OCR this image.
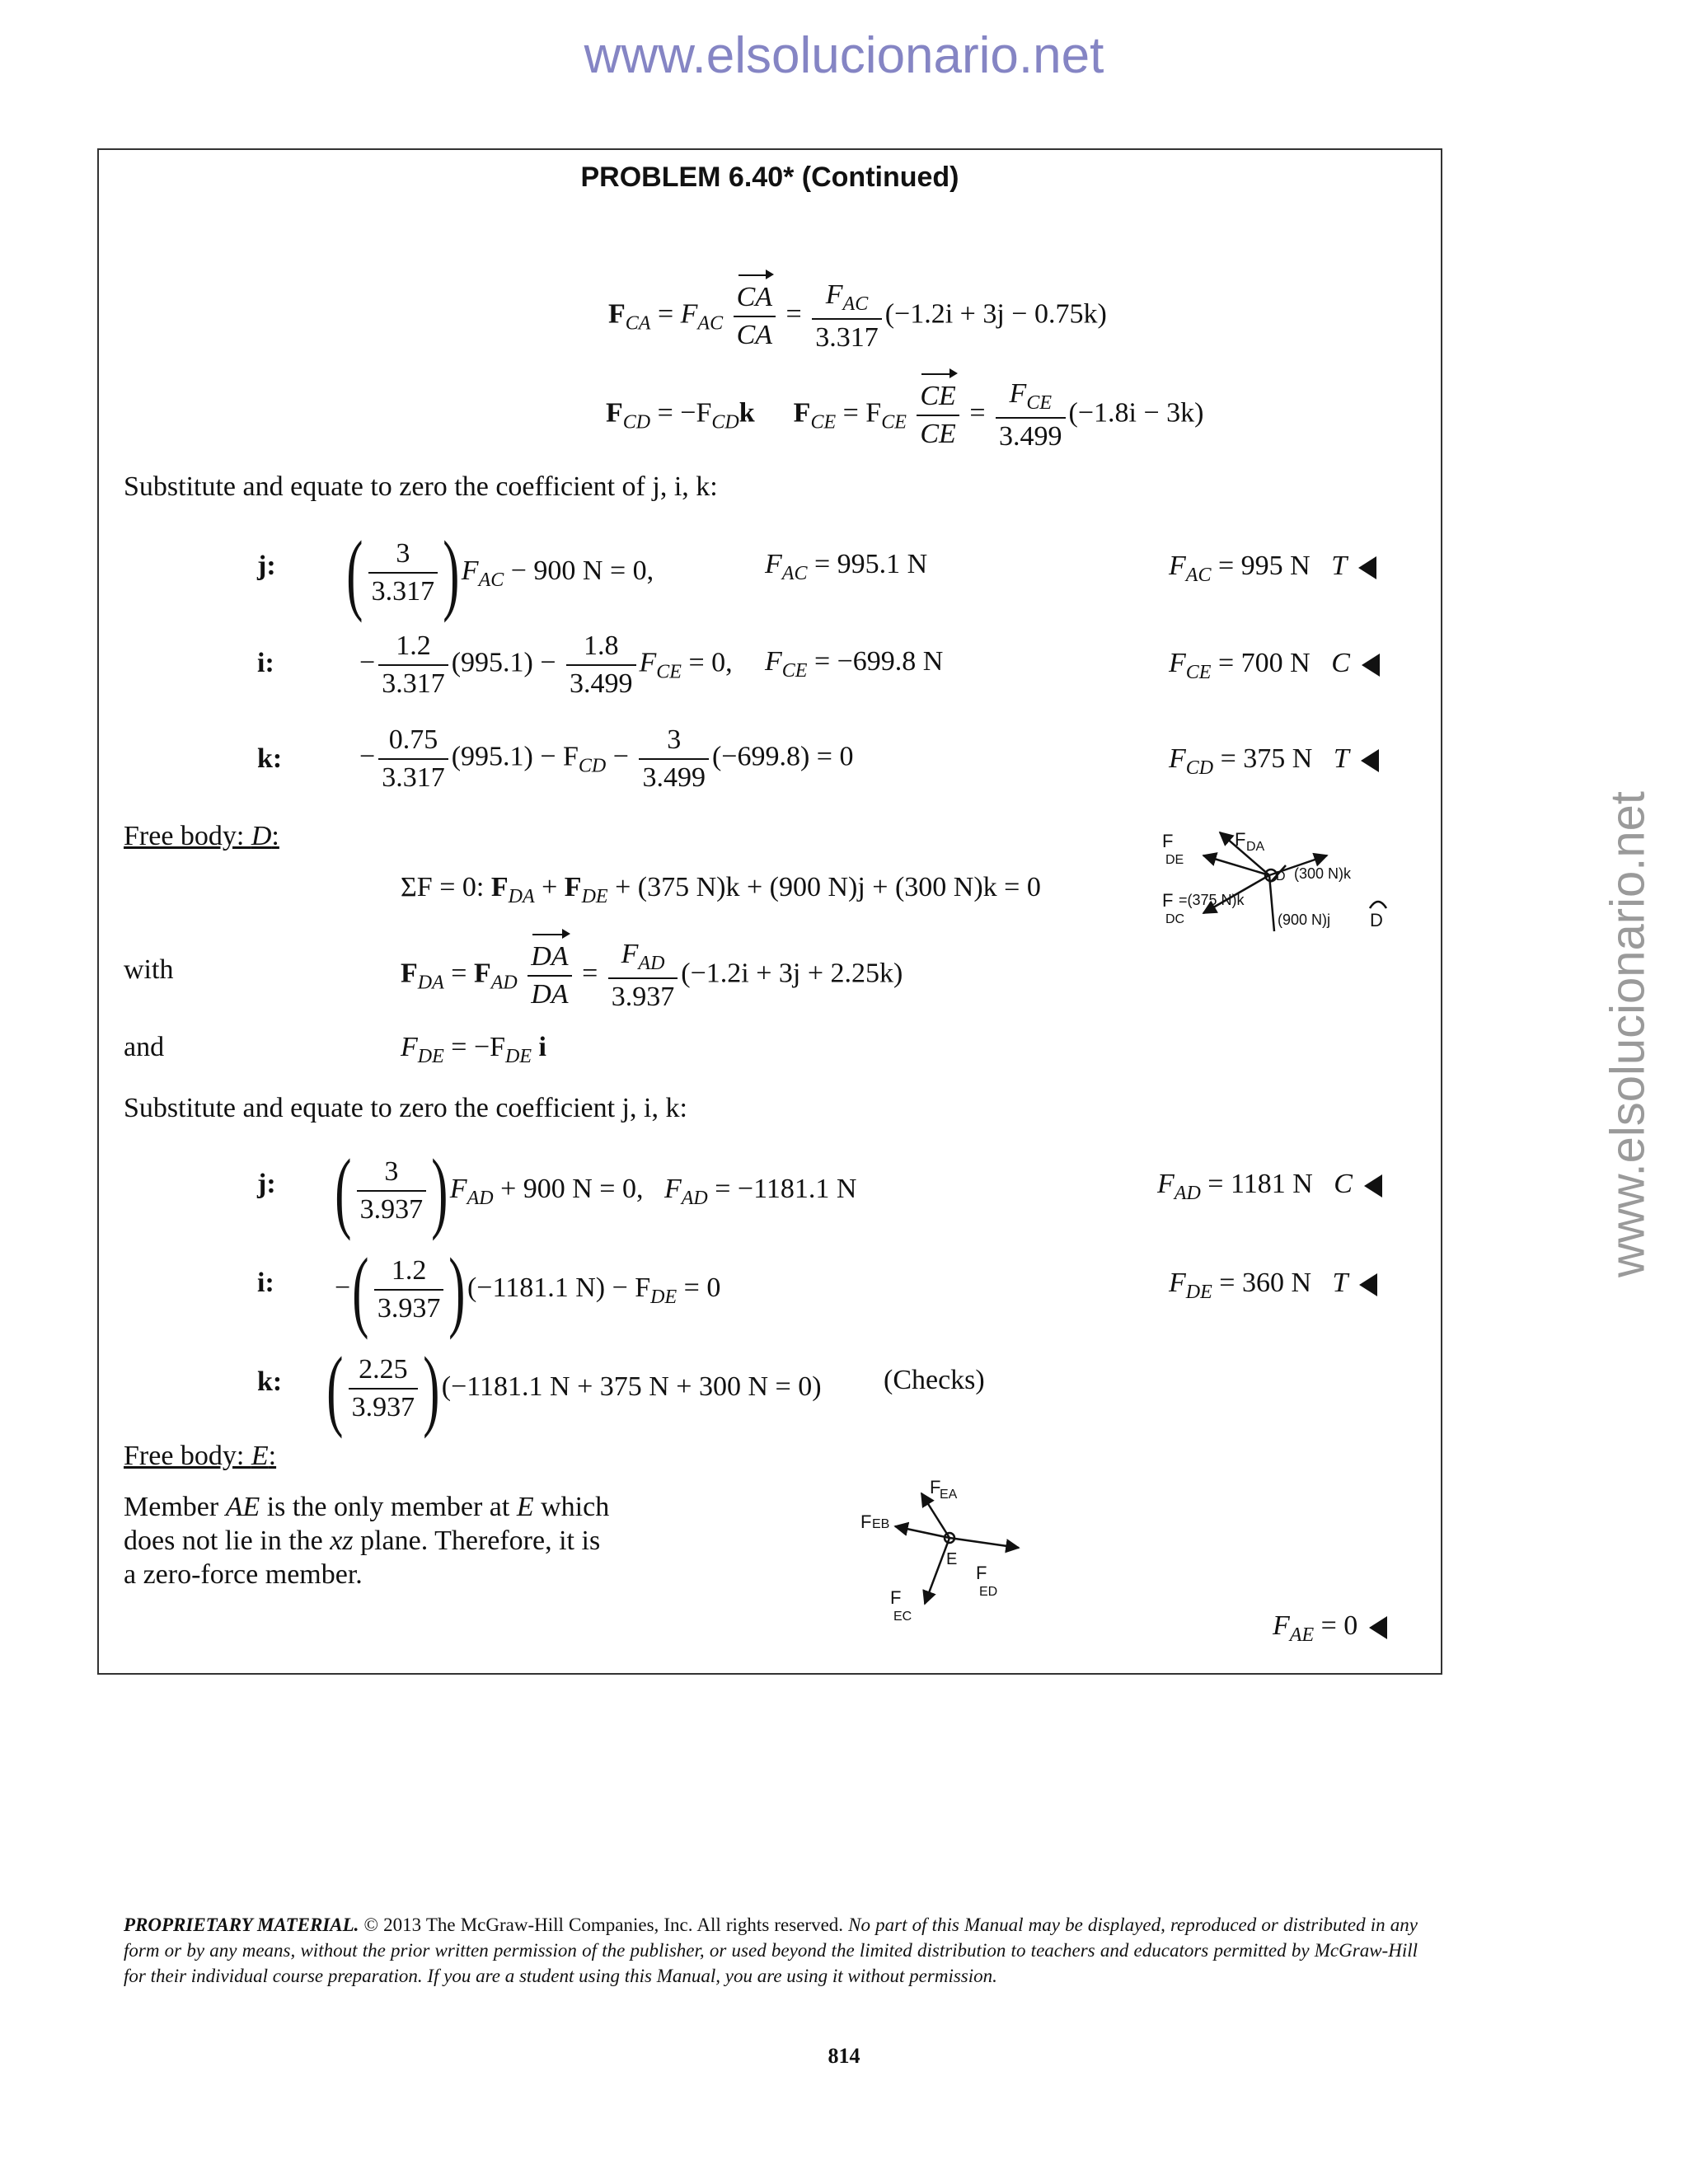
www.elsolucionario.net
www.elsolucionario.net
PROBLEM 6.40* (Continued)
$F_{CA} = F_{AC} \frac{CA}{CA} = \frac{F_{AC}}{3.317} (-1.2i + 3j - 0.75k)$
$F_{CD} = -F_{CD}k$ $F_{CE} = F_{CE} \frac{CE}{CE} = \frac{F_{CE}}{3.499} (-1.8i - 3k)$
Substitute and equate to zero the coefficient of j, i, k:
j: ( $\frac{3}{3.317} )F_{AC} - 900$ N = 0,	$F_{AC} = 995.1$ N	$F_{AC} = 995$ N T
i:	− $\frac{1.2}{3.317} (995.1) - \frac{1.8}{3.499} F_{CE} = 0$, $F_{CE} = -699.8$ N	$F_{CE} = 700$ N C
k:	− $\frac{0.75}{3.317} (995.1) - F_{CD} - \frac{3}{3.499} (-699.8) = 0$	$F_{CD} = 375$ N T
Free body: D:
ΣF = 0: $F_{DA} + F_{DE} + (375$ N)k + (900 N)j + (300 N)k = 0
with	$F_{DA} = F_{AD} \frac{DA}{DA} = \frac{F_{AD}}{3.937} (-1.2i + 3j + 2.25k)$
and	$F_{DE} = -F_{DE}$ i
Substitute and equate to zero the coefficient j, i, k:
j: ( $\frac{3}{3.937} )F_{AD} + 900$ N = 0, $F_{AD} = -1181.1$ N	$F_{AD} = 1181$ N C
i: −( $\frac{1.2}{3.937} )(-1181.1$ $N) - F_{DE} = 0$	$F_{DE} = 360$ N T
k: ( $\frac{2.25}{3.937} )(-1181.1$ N + 375 N + 300 N = 0) (Checks)
Free body: E:
Member AE is the only member at E which
does not lie in the xz plane. Therefore, it is
a zero-force member.
$F_{AE} = 0$
F
DE
F DA
(300 N)k
D
F
DC
=(375 N)k
(900 N)j D
F
EA
F EB
E
F
ED
F
EC
PROPRIETARY MATERIAL. © 2013 The McGraw-Hill Companies, Inc. All rights reserved. No part of this Manual may be displayed, reproduced or distributed in any form or by any means, without the prior written permission of the publisher, or used beyond the limited distribution to teachers and educators permitted by McGraw-Hill for their individual course preparation. If you are a student using this Manual, you are using it without permission.
814
